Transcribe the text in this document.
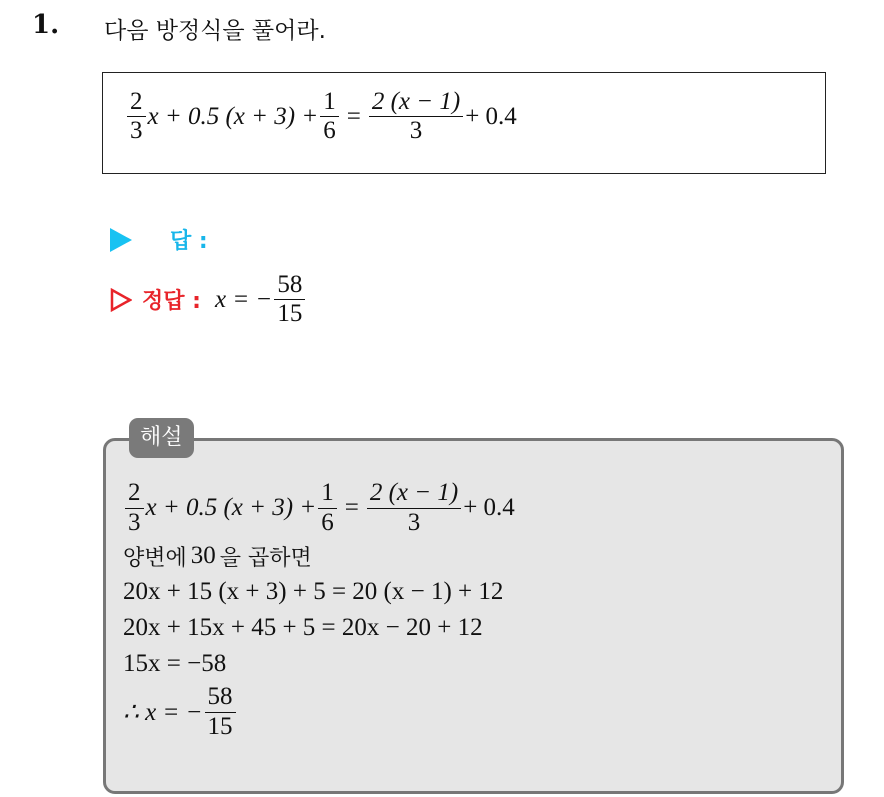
1. 다음 방정식을 풀어라.
$\frac{2}{3}$ x + 0.5 $(x + 3) + \frac{1}{6} = \frac{2 (x - 1)}{3} + 0.4$
답 :
정답 : x = − $\frac{58}{15}$
해설
$\frac{2}{3}$ x + 0.5 $(x + 3) + \frac{1}{6} = \frac{2 (x - 1)}{3} + 0.4$
양변에 30 을 곱하면
20x + 15 (x + 3) + 5 = 20 (x − 1) + 12
20x + 15x + 45 + 5 = 20x − 20 + 12
15x = −58
∴ x = − $\frac{58}{15}$
